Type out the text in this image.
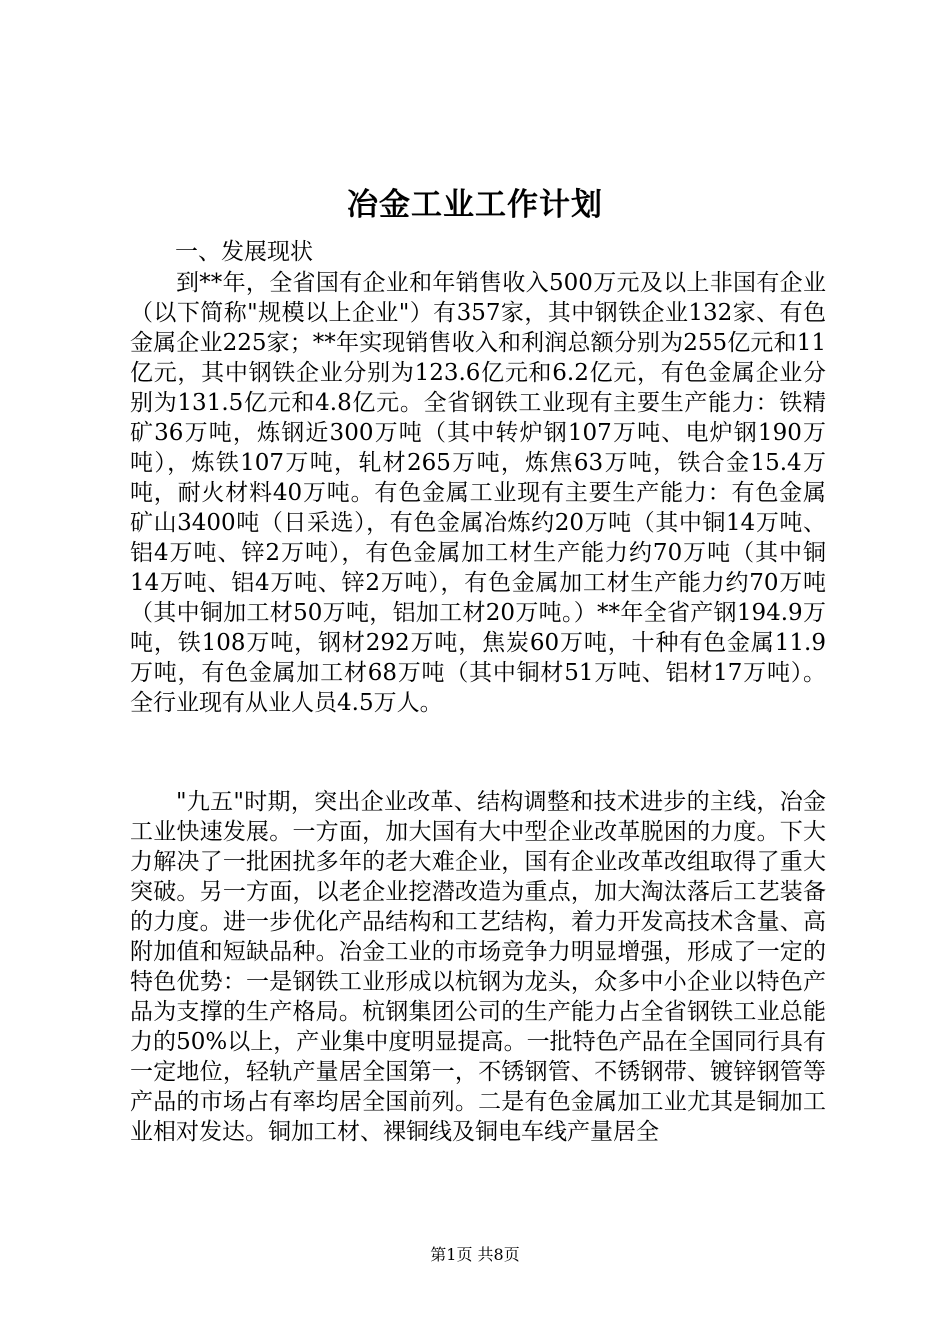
冶金工业工作计划
一、发展现状

到**年，全省国有企业和年销售收入500万元及以上非国有企业（以下简称"规模以上企业"）有357家，其中钢铁企业132家、有色金属企业225家；**年实现销售收入和利润总额分别为255亿元和11亿元，其中钢铁企业分别为123.6亿元和6.2亿元，有色金属企业分别为131.5亿元和4.8亿元。全省钢铁工业现有主要生产能力：铁精矿36万吨，炼钢近300万吨（其中转炉钢107万吨、电炉钢190万吨），炼铁107万吨，轧材265万吨，炼焦63万吨，铁合金15.4万吨，耐火材料40万吨。有色金属工业现有主要生产能力：有色金属矿山3400吨（日采选），有色金属冶炼约20万吨（其中铜14万吨、铝4万吨、锌2万吨），有色金属加工材生产能力约70万吨（其中铜14万吨、铝4万吨、锌2万吨），有色金属加工材生产能力约70万吨（其中铜加工材50万吨，铝加工材20万吨。）**年全省产钢194.9万吨，铁108万吨，钢材292万吨，焦炭60万吨，十种有色金属11.9万吨，有色金属加工材68万吨（其中铜材51万吨、铝材17万吨）。全行业现有从业人员4.5万人。

"九五"时期，突出企业改革、结构调整和技术进步的主线，冶金工业快速发展。一方面，加大国有大中型企业改革脱困的力度。下大力解决了一批困扰多年的老大难企业，国有企业改革改组取得了重大突破。另一方面，以老企业挖潜改造为重点，加大淘汰落后工艺装备的力度。进一步优化产品结构和工艺结构，着力开发高技术含量、高附加值和短缺品种。冶金工业的市场竞争力明显增强，形成了一定的特色优势：一是钢铁工业形成以杭钢为龙头，众多中小企业以特色产品为支撑的生产格局。杭钢集团公司的生产能力占全省钢铁工业总能力的50%以上，产业集中度明显提高。一批特色产品在全国同行具有一定地位，轻轨产量居全国第一，不锈钢管、不锈钢带、镀锌钢管等产品的市场占有率均居全国前列。二是有色金属加工业尤其是铜加工业相对发达。铜加工材、裸铜线及铜电车线产量居全

第1页 共8页
